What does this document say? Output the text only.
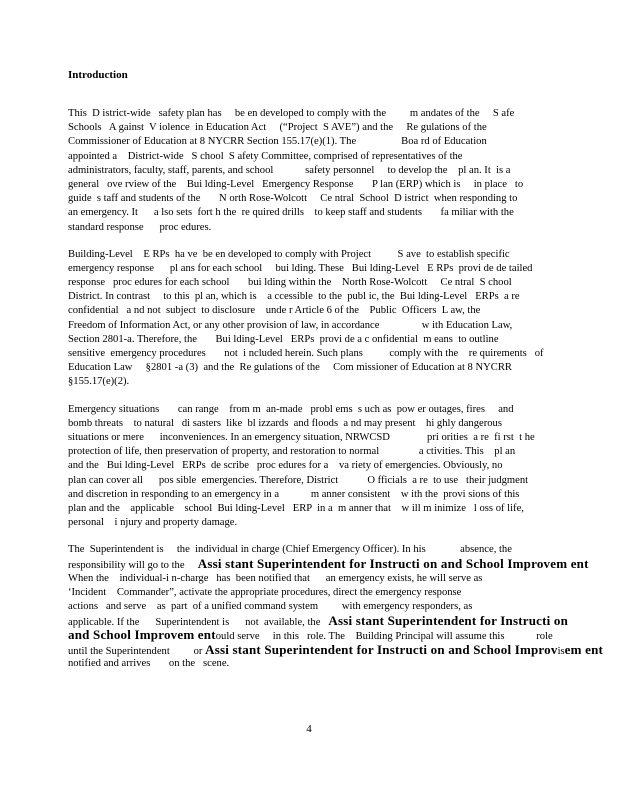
Introduction
This  D istrict-wide   safety plan has     be en developed to comply with the         m andates of the     S afe
Schools   A gainst  V iolence  in Education Act     (“Project  S AVE”) and the     Re gulations of the
Commissioner of Education at 8 NYCRR Section 155.17(e)(1). The                 Boa rd of Education
appointed a    District-wide   S chool  S afety Committee, comprised of representatives of the
administrators, faculty, staff, parents, and school            safety personnel     to develop the    pl an. It  is a
general   ove rview of the    Bui lding-Level   Emergency Response       P lan (ERP) which is     in place   to
guide  s taff and students of the       N orth Rose-Wolcott     Ce ntral  School  D istrict  when responding to
an emergency. It      a lso sets  fort h the  re quired drills    to keep staff and students       fa miliar with the
standard response      proc edures.
Building-Level    E RPs  ha ve  be en developed to comply with Project          S ave  to establish specific
emergency response      pl ans for each school     bui lding. These   Bui lding-Level   E RPs  provi de de tailed
response   proc edures for each school       bui lding within the    North Rose-Wolcott     Ce ntral  S chool
District. In contrast     to this  pl an, which is    a ccessible  to the  publ ic, the  Bui lding-Level   ERPs  a re
confidential   a nd not  subject  to disclosure    unde r Article 6 of the    Public  Officers  L aw, the
Freedom of Information Act, or any other provision of law, in accordance                w ith Education Law,
Section 2801-a. Therefore, the       Bui lding-Level   ERPs  provi de a c onfidential  m eans  to outline
sensitive  emergency procedures       not  i ncluded herein. Such plans          comply with the    re quirements   of
Education Law     §2801 -a (3)  and the  Re gulations of the     Com missioner of Education at 8 NYCRR
§155.17(e)(2).
Emergency situations       can range    from m  an-made   probl ems  s uch as  pow er outages, fires     and
bomb threats    to natural   di sasters  like  bl izzards  and floods  a nd may present    hi ghly dangerous
situations or mere      inconveniences. In an emergency situation, NRWCSD              pri orities  a re  fi rst  t he
protection of life, then preservation of property, and restoration to normal               a ctivities. This    pl an
and the   Bui lding-Level   ERPs  de scribe   proc edures for a    va riety of emergencies. Obviously, no
plan can cover all      pos sible  emergencies. Therefore, District           O fficials  a re  to use   their judgment
and discretion in responding to an emergency in a            m anner consistent    w ith the  provi sions of this
plan and the    applicable    school  Bui lding-Level   ERP  in a  m anner that    w ill m inimize   l oss of life,
personal    i njury and property damage.
The  Superintendent is     the  individual in charge (Chief Emergency Officer). In his             absence, the
responsibility will go to the     Assi stant Superintendent for Instructi on and School Improvem ent
When the    individual-i n-charge   has  been notified that      an emergency exists, he will serve as
‘Incident    Commander”, activate the appropriate procedures, direct the emergency response
actions   and serve    as  part  of a unified command system         with emergency responders, as
applicable. If the      Superintendent is      not  available, the   Assi stant Superintendent for Instructi on
and School Improvem entould serve     in this   role. The    Building Principal will assume this            role
until the Superintendent         or Assi stant Superintendent for Instructi on and School Improvisem ent
notified and arrives       on the   scene.
4
